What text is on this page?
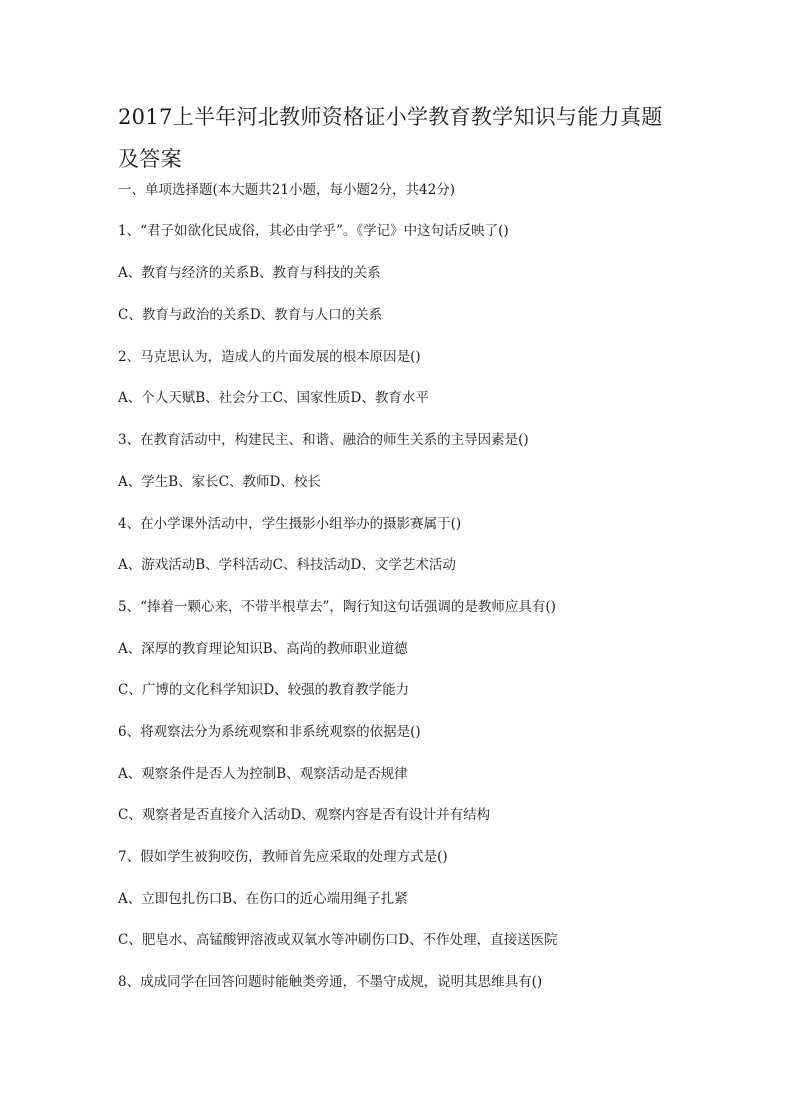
2017上半年河北教师资格证小学教育教学知识与能力真题
及答案
一、单项选择题(本大题共21小题，每小题2分，共42分)
1、“君子如欲化民成俗，其必由学乎”。《学记》中这句话反映了()
A、教育与经济的关系B、教育与科技的关系
C、教育与政治的关系D、教育与人口的关系
2、马克思认为，造成人的片面发展的根本原因是()
A、个人天赋B、社会分工C、国家性质D、教育水平
3、在教育活动中，构建民主、和谐、融洽的师生关系的主导因素是()
A、学生B、家长C、教师D、校长
4、在小学课外活动中，学生摄影小组举办的摄影赛属于()
A、游戏活动B、学科活动C、科技活动D、文学艺术活动
5、“捧着一颗心来，不带半根草去”，陶行知这句话强调的是教师应具有()
A、深厚的教育理论知识B、高尚的教师职业道德
C、广博的文化科学知识D、较强的教育教学能力
6、将观察法分为系统观察和非系统观察的依据是()
A、观察条件是否人为控制B、观察活动是否规律
C、观察者是否直接介入活动D、观察内容是否有设计并有结构
7、假如学生被狗咬伤，教师首先应采取的处理方式是()
A、立即包扎伤口B、在伤口的近心端用绳子扎紧
C、肥皂水、高锰酸钾溶液或双氧水等冲刷伤口D、不作处理，直接送医院
8、成成同学在回答问题时能触类旁通，不墨守成规，说明其思维具有()
